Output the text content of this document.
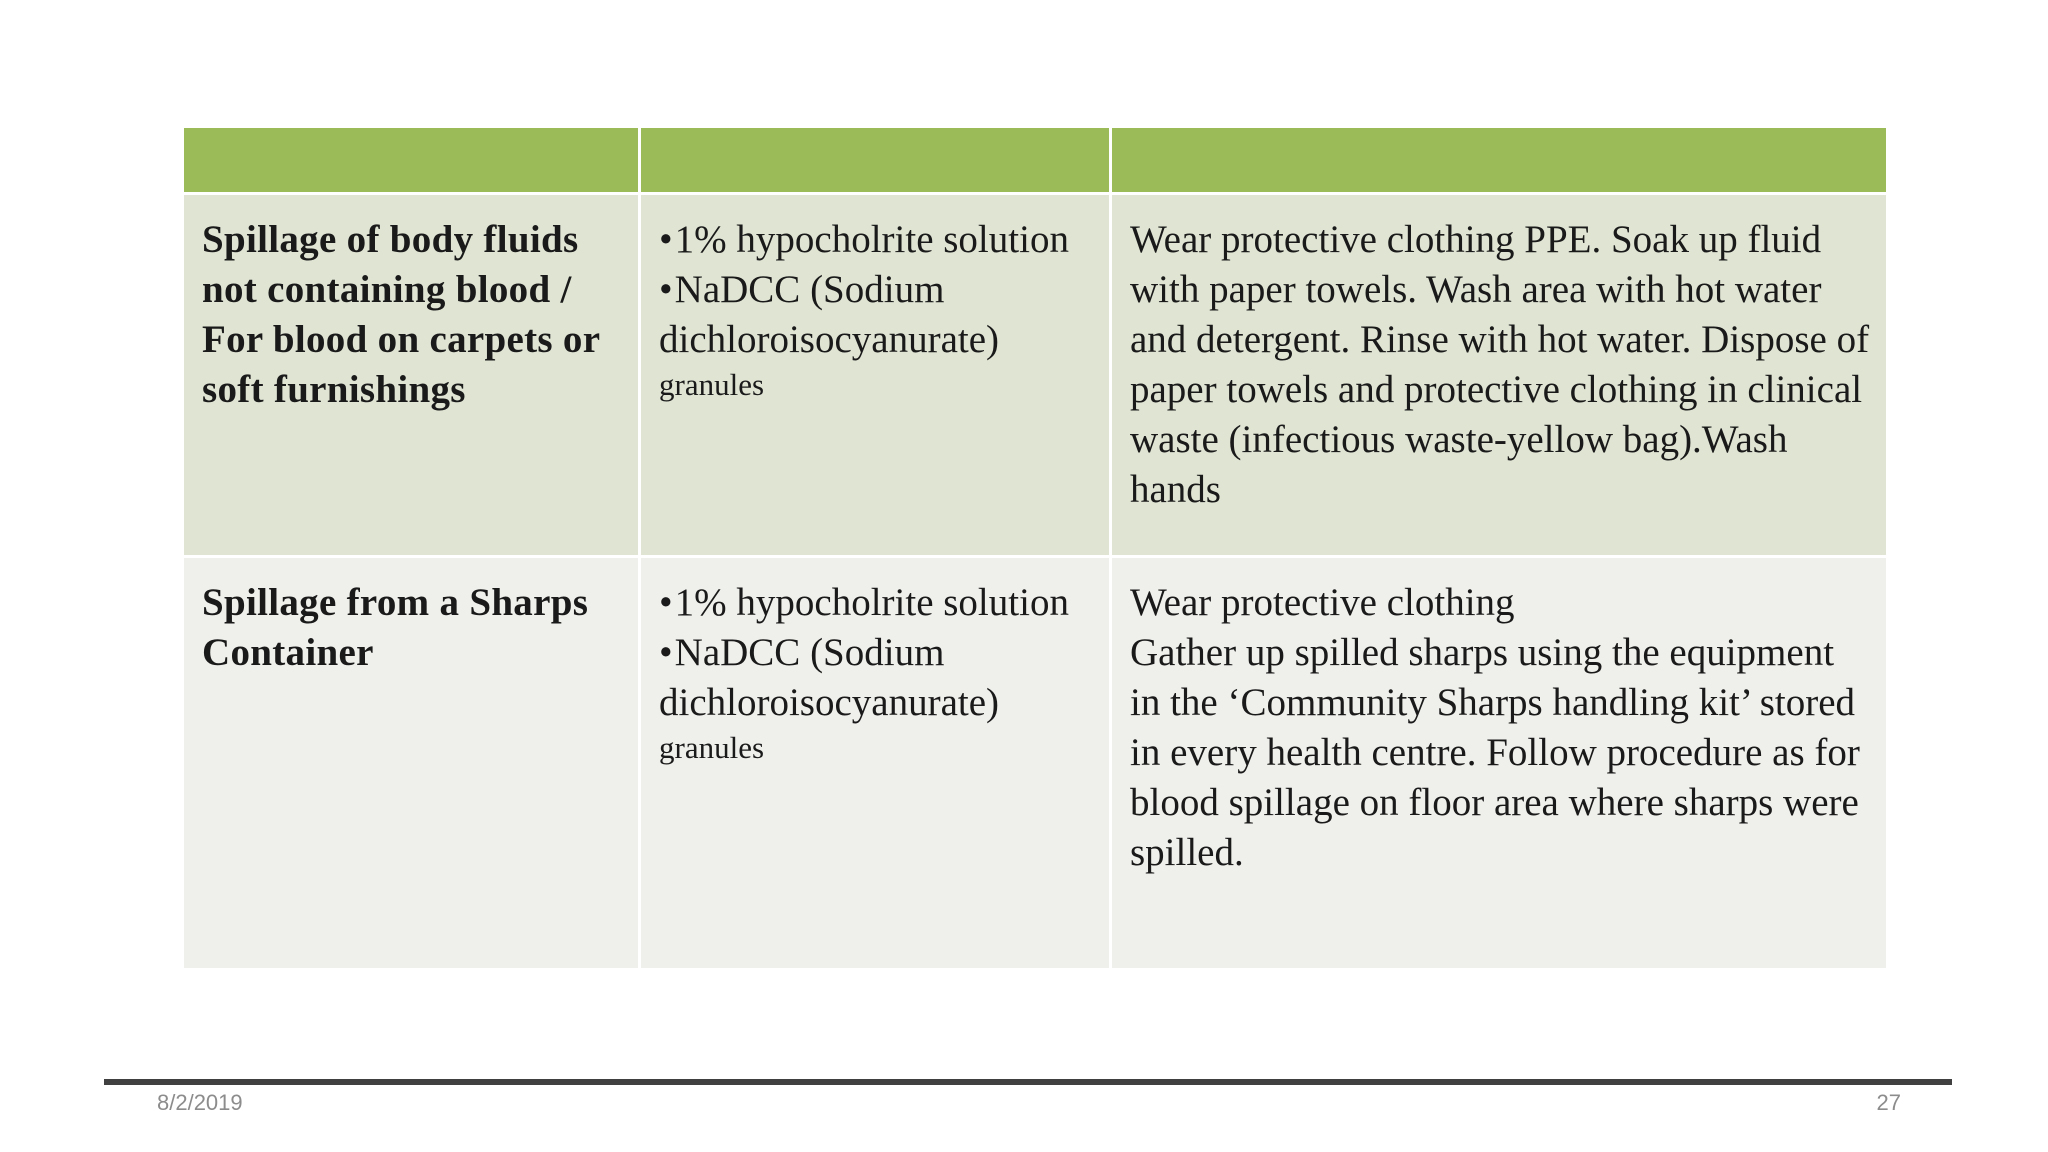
Spillage of body fluids not containing blood / For blood on carpets or soft furnishings
•1% hypocholrite solution
•NaDCC (Sodium dichloroisocyanurate)
granules
Wear protective clothing PPE. Soak up fluid with paper towels. Wash area with hot water and detergent. Rinse with hot water. Dispose of paper towels and protective clothing in clinical waste (infectious waste-yellow bag).Wash hands
Spillage from a Sharps Container
•1% hypocholrite solution
•NaDCC (Sodium dichloroisocyanurate)
granules
Wear protective clothing
Gather up spilled sharps using the equipment in the ‘Community Sharps handling kit’ stored in every health centre. Follow procedure as for blood spillage on floor area where sharps were spilled.
8/2/2019	27
